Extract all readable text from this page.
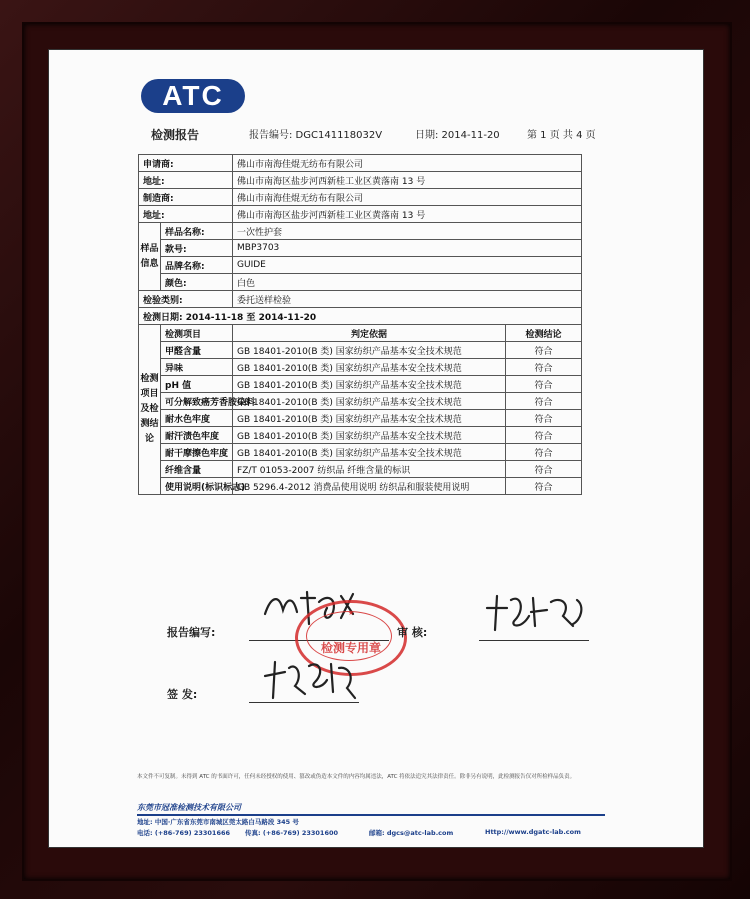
ATC
检测报告	报告编号: DGC141118032V	日期: 2014-11-20	第 1 页 共 4 页
申请商:		佛山市南海佳焜无纺布有限公司	
地址:		佛山市南海区盐步河西新桂工业区黄落南 13 号	
制造商:		佛山市南海佳焜无纺布有限公司	
地址:		佛山市南海区盐步河西新桂工业区黄落南 13 号	
样品信息	样品名称:	一次性护套	
	款号:	MBP3703	
	品牌名称:	GUIDE	
	颜色:	白色	
检验类别:		委托送样检验	
检测日期: 2014-11-18 至 2014-11-20			
检测项目及检测结论	检测项目	判定依据	检测结论
	甲醛含量	GB 18401-2010(B 类) 国家纺织产品基本安全技术规范	符合
	异味	GB 18401-2010(B 类) 国家纺织产品基本安全技术规范	符合
	pH 值	GB 18401-2010(B 类) 国家纺织产品基本安全技术规范	符合
	可分解致癌芳香胺染料	GB 18401-2010(B 类) 国家纺织产品基本安全技术规范	符合
	耐水色牢度	GB 18401-2010(B 类) 国家纺织产品基本安全技术规范	符合
	耐汗渍色牢度	GB 18401-2010(B 类) 国家纺织产品基本安全技术规范	符合
	耐干摩擦色牢度	GB 18401-2010(B 类) 国家纺织产品基本安全技术规范	符合
	纤维含量	FZ/T 01053-2007 纺织品 纤维含量的标识	符合
	使用说明(标识标志)	GB 5296.4-2012 消费品使用说明 纺织品和服装使用说明	符合
报告编写:
★
检测专用章
审 核:
签 发:
本文件不可复制。未得到 ATC 的书面许可，任何未经授权的使用、篡改或伪造本文件的内容均属违法，ATC 将依法追究其法律责任。除非另有说明，此检测报告仅对所检样品负责。
东莞市冠准检测技术有限公司
地址: 中国·广东省东莞市南城区莞太路白马路段 345 号
电话: (+86-769) 23301666 传真: (+86-769) 23301600	邮箱: dgcs@atc-lab.com	Http://www.dgatc-lab.com
